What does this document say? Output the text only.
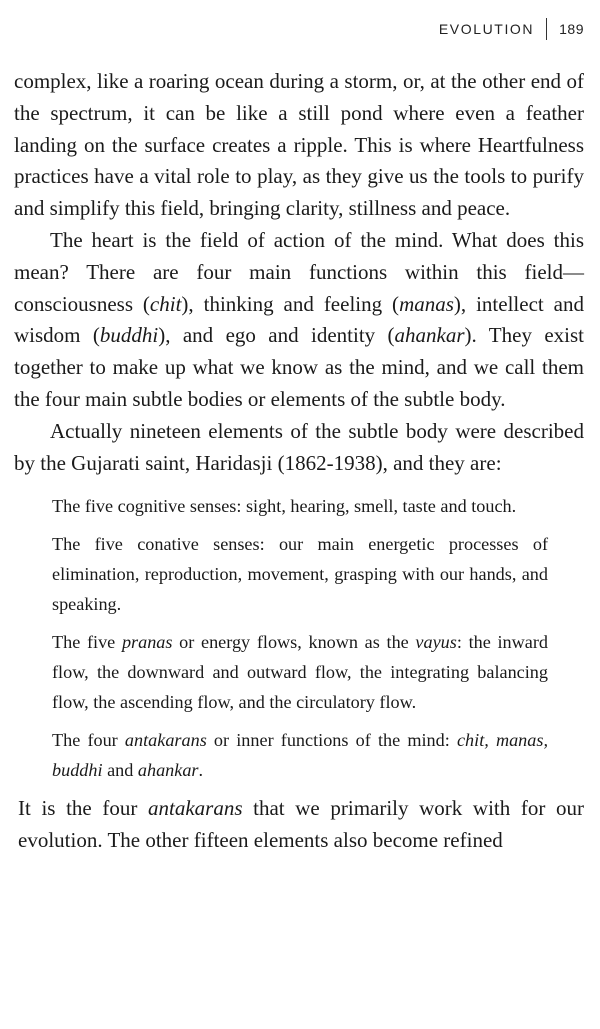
EVOLUTION 189

complex, like a roaring ocean during a storm, or, at the other end of the spectrum, it can be like a still pond where even a feather landing on the surface creates a ripple. This is where Heartfulness practices have a vital role to play, as they give us the tools to purify and simplify this field, bringing clarity, stillness and peace.

The heart is the field of action of the mind. What does this mean? There are four main functions within this field—consciousness (chit), thinking and feeling (manas), intellect and wisdom (buddhi), and ego and identity (ahankar). They exist together to make up what we know as the mind, and we call them the four main subtle bodies or elements of the subtle body.

Actually nineteen elements of the subtle body were described by the Gujarati saint, Haridasji (1862-1938), and they are:

The five cognitive senses: sight, hearing, smell, taste and touch.

The five conative senses: our main energetic processes of elimination, reproduction, movement, grasping with our hands, and speaking.

The five pranas or energy flows, known as the vayus: the inward flow, the downward and outward flow, the integrating balancing flow, the ascending flow, and the circulatory flow.

The four antakarans or inner functions of the mind: chit, manas, buddhi and ahankar.

It is the four antakarans that we primarily work with for our evolution. The other fifteen elements also become refined
